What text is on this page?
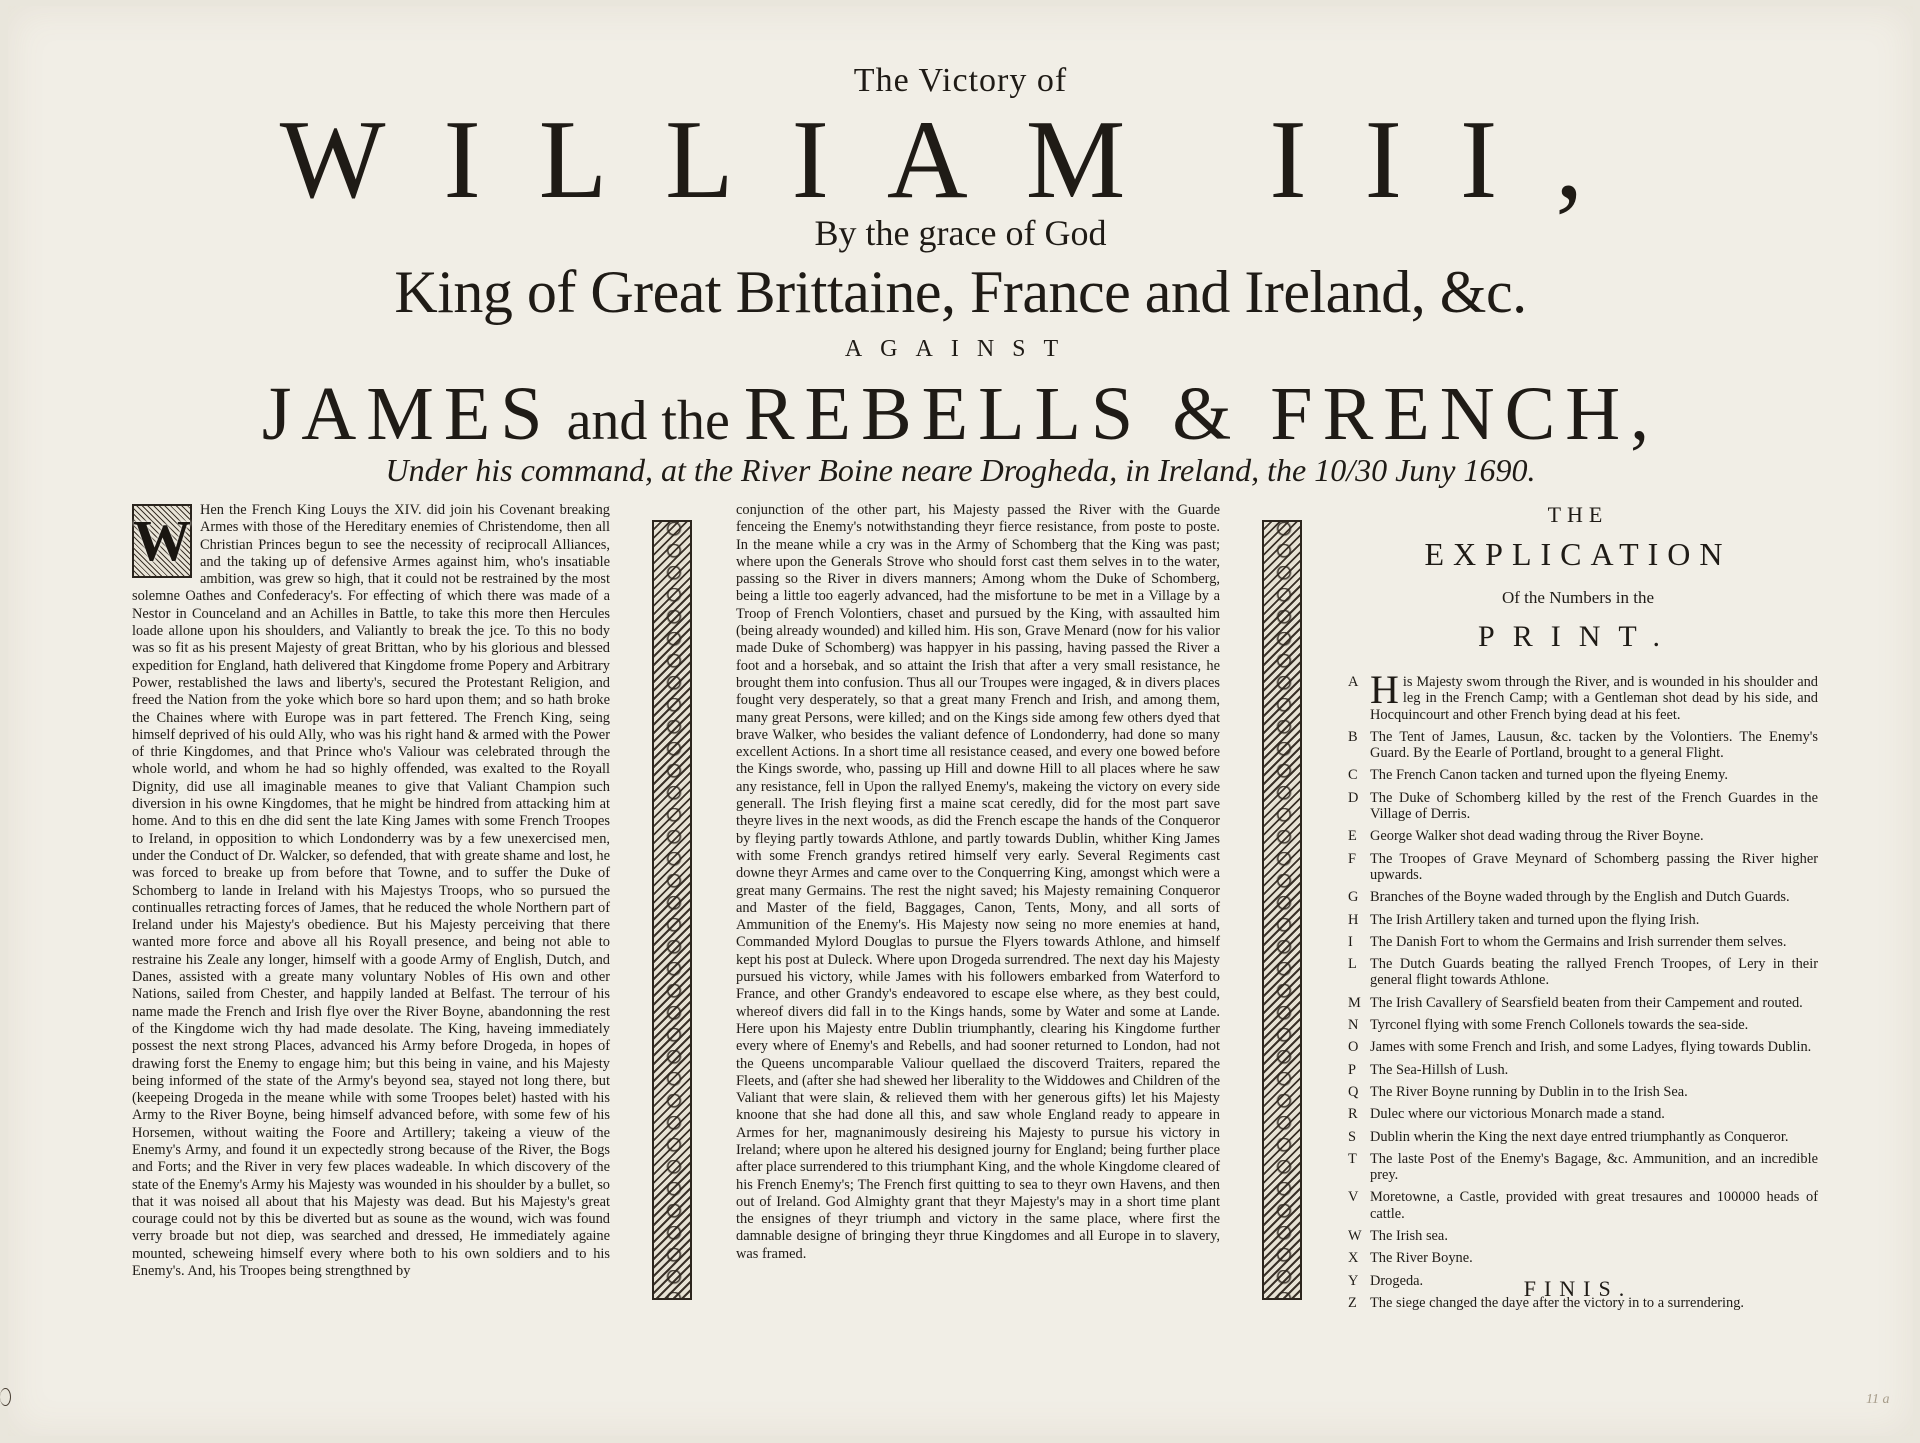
The Victory of
WILLIAM III,
By the grace of God
King of Great Brittaine, France and Ireland, &c.
AGAINST
JAMES and the REBELLS & FRENCH,
Under his command, at the River Boine neare Drogheda, in Ireland, the 10/30 Juny 1690.
W Hen the French King Louys the XIV. did join his Covenant breaking Armes with those of the Hereditary enemies of Christendome, then all Christian Princes begun to see the necessity of reciprocall Alliances, and the taking up of defensive Armes against him, who's insatiable ambition, was grew so high, that it could not be restrained by the most solemne Oathes and Confederacy's. For effecting of which there was made of a Nestor in Counceland and an Achilles in Battle, to take this more then Hercules loade allone upon his shoulders, and Valiantly to break the jce. To this no body was so fit as his present Majesty of great Brittan, who by his glorious and blessed expedition for England, hath delivered that Kingdome frome Popery and Arbitrary Power, restablished the laws and liberty's, secured the Protestant Religion, and freed the Nation from the yoke which bore so hard upon them; and so hath broke the Chaines where with Europe was in part fettered. The French King, seing himself deprived of his ould Ally, who was his right hand & armed with the Power of thrie Kingdomes, and that Prince who's Valiour was celebrated through the whole world, and whom he had so highly offended, was exalted to the Royall Dignity, did use all imaginable meanes to give that Valiant Champion such diversion in his owne Kingdomes, that he might be hindred from attacking him at home. And to this en dhe did sent the late King James with some French Troopes to Ireland, in opposition to which Londonderry was by a few unexercised men, under the Conduct of Dr. Walcker, so defended, that with greate shame and lost, he was forced to breake up from before that Towne, and to suffer the Duke of Schomberg to lande in Ireland with his Majestys Troops, who so pursued the continualles retracting forces of James, that he reduced the whole Northern part of Ireland under his Majesty's obedience. But his Majesty perceiving that there wanted more force and above all his Royall presence, and being not able to restraine his Zeale any longer, himself with a goode Army of English, Dutch, and Danes, assisted with a greate many voluntary Nobles of His own and other Nations, sailed from Chester, and happily landed at Belfast. The terrour of his name made the French and Irish flye over the River Boyne, abandonning the rest of the Kingdome wich thy had made desolate. The King, haveing immediately possest the next strong Places, advanced his Army before Drogeda, in hopes of drawing forst the Enemy to engage him; but this being in vaine, and his Majesty being informed of the state of the Army's beyond sea, stayed not long there, but (keepeing Drogeda in the meane while with some Troopes belet) hasted with his Army to the River Boyne, being himself advanced before, with some few of his Horsemen, without waiting the Foore and Artillery; takeing a vieuw of the Enemy's Army, and found it un expectedly strong because of the River, the Bogs and Forts; and the River in very few places wadeable. In which discovery of the state of the Enemy's Army his Majesty was wounded in his shoulder by a bullet, so that it was noised all about that his Majesty was dead. But his Majesty's great courage could not by this be diverted but as soune as the wound, wich was found verry broade but not diep, was searched and dressed, He immediately againe mounted, scheweing himself every where both to his own soldiers and to his Enemy's. And, his Troopes being strengthned by

conjunction of the other part, his Majesty passed the River with the Guarde fenceing the Enemy's notwithstanding theyr fierce resistance, from poste to poste. In the meane while a cry was in the Army of Schomberg that the King was past; where upon the Generals Strove who should forst cast them selves in to the water, passing so the River in divers manners; Among whom the Duke of Schomberg, being a little too eagerly advanced, had the misfortune to be met in a Village by a Troop of French Volontiers, chaset and pursued by the King, with assaulted him (being already wounded) and killed him. His son, Grave Menard (now for his valior made Duke of Schomberg) was happyer in his passing, having passed the River a foot and a horsebak, and so attaint the Irish that after a very small resistance, he brought them into confusion. Thus all our Troupes were ingaged, & in divers places fought very desperately, so that a great many French and Irish, and among them, many great Persons, were killed; and on the Kings side among few others dyed that brave Walker, who besides the valiant defence of Londonderry, had done so many excellent Actions. In a short time all resistance ceased, and every one bowed before the Kings sworde, who, passing up Hill and downe Hill to all places where he saw any resistance, fell in Upon the rallyed Enemy's, makeing the victory on every side generall. The Irish fleying first a maine scat ceredly, did for the most part save theyre lives in the next woods, as did the French escape the hands of the Conqueror by fleying partly towards Athlone, and partly towards Dublin, whither King James with some French grandys retired himself very early. Several Regiments cast downe theyr Armes and came over to the Conquerring King, amongst which were a great many Germains. The rest the night saved; his Majesty remaining Conqueror and Master of the field, Baggages, Canon, Tents, Mony, and all sorts of Ammunition of the Enemy's. His Majesty now seing no more enemies at hand, Commanded Mylord Douglas to pursue the Flyers towards Athlone, and himself kept his post at Duleck. Where upon Drogeda surrendred. The next day his Majesty pursued his victory, while James with his followers embarked from Waterford to France, and other Grandy's endeavored to escape else where, as they best could, whereof divers did fall in to the Kings hands, some by Water and some at Lande. Here upon his Majesty entre Dublin triumphantly, clearing his Kingdome further every where of Enemy's and Rebells, and had sooner returned to London, had not the Queens uncomparable Valiour quellaed the discoverd Traiters, repared the Fleets, and (after she had shewed her liberality to the Widdowes and Children of the Valiant that were slain, & relieved them with her generous gifts) let his Majesty knoone that she had done all this, and saw whole England ready to appeare in Armes for her, magnanimously desireing his Majesty to pursue his victory in Ireland; where upon he altered his designed journy for England; being further place after place surrendered to this triumphant King, and the whole Kingdome cleared of his French Enemy's; The French first quitting to sea to theyr own Havens, and then out of Ireland. God Almighty grant that theyr Majesty's may in a short time plant the ensignes of theyr triumph and victory in the same place, where first the damnable designe of bringing theyr thrue Kingdomes and all Europe in to slavery, was framed.

THE
EXPLICATION
Of the Numbers in the
PRINT.
A His Majesty swom through the River, and is wounded in his shoulder and leg in the French Camp; with a Gentleman shot dead by his side, and Hocquincourt and other French bying dead at his feet.
B The Tent of James, Lausun, &c. tacken by the Volontiers. The Enemy's Guard. By the Eearle of Portland, brought to a general Flight.
C The French Canon tacken and turned upon the flyeing Enemy.
D The Duke of Schomberg killed by the rest of the French Guardes in the Village of Derris.
E George Walker shot dead wading throug the River Boyne.
F The Troopes of Grave Meynard of Schomberg passing the River higher upwards.
G Branches of the Boyne waded through by the English and Dutch Guards.
H The Irish Artillery taken and turned upon the flying Irish.
I	The Danish Fort to whom the Germains and Irish surrender them selves.
L The Dutch Guards beating the rallyed French Troopes, of Lery in their general flight towards Athlone.
M The Irish Cavallery of Searsfield beaten from their Campement and routed.
N Tyrconel flying with some French Collonels towards the sea-side.
O James with some French and Irish, and some Ladyes, flying towards Dublin.
P The Sea-Hillsh of Lush.
Q The River Boyne running by Dublin in to the Irish Sea.
R Dulec where our victorious Monarch made a stand.
S Dublin wherin the King the next daye entred triumphantly as Conqueror.
T The laste Post of the Enemy's Bagage, &c. Ammunition, and an incredible prey.
V Moretowne, a Castle, provided with great tresaures and 100000 heads of cattle.
W The Irish sea.
X The River Boyne.
Y Drogeda.
Z The siege changed the daye after the victory in to a surrendering.
FINIS.
11 a
